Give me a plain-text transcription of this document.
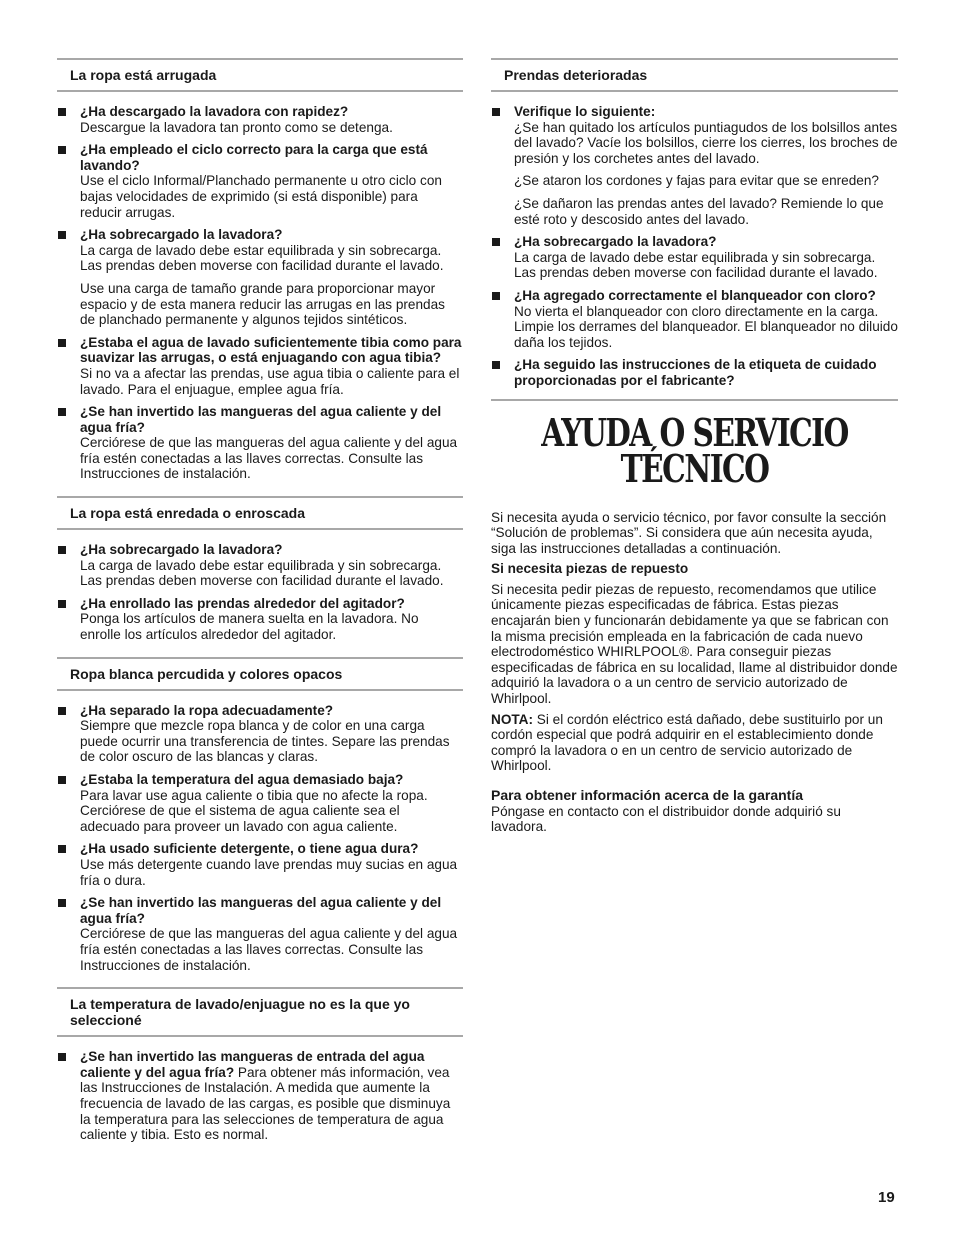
La ropa está arrugada
¿Ha descargado la lavadora con rapidez?
Descargue la lavadora tan pronto como se detenga.
¿Ha empleado el ciclo correcto para la carga que está lavando?
Use el ciclo Informal/Planchado permanente u otro ciclo con bajas velocidades de exprimido (si está disponible) para reducir arrugas.
¿Ha sobrecargado la lavadora?
La carga de lavado debe estar equilibrada y sin sobrecarga. Las prendas deben moverse con facilidad durante el lavado.
Use una carga de tamaño grande para proporcionar mayor espacio y de esta manera reducir las arrugas en las prendas de planchado permanente y algunos tejidos sintéticos.
¿Estaba el agua de lavado suficientemente tibia como para suavizar las arrugas, o está enjuagando con agua tibia?
Si no va a afectar las prendas, use agua tibia o caliente para el lavado. Para el enjuague, emplee agua fría.
¿Se han invertido las mangueras del agua caliente y del agua fría?
Cerciórese de que las mangueras del agua caliente y del agua fría estén conectadas a las llaves correctas. Consulte las Instrucciones de instalación.
La ropa está enredada o enroscada
¿Ha sobrecargado la lavadora?
La carga de lavado debe estar equilibrada y sin sobrecarga. Las prendas deben moverse con facilidad durante el lavado.
¿Ha enrollado las prendas alrededor del agitador?
Ponga los artículos de manera suelta en la lavadora. No enrolle los artículos alrededor del agitador.
Ropa blanca percudida y colores opacos
¿Ha separado la ropa adecuadamente?
Siempre que mezcle ropa blanca y de color en una carga puede ocurrir una transferencia de tintes. Separe las prendas de color oscuro de las blancas y claras.
¿Estaba la temperatura del agua demasiado baja?
Para lavar use agua caliente o tibia que no afecte la ropa. Cerciórese de que el sistema de agua caliente sea el adecuado para proveer un lavado con agua caliente.
¿Ha usado suficiente detergente, o tiene agua dura?
Use más detergente cuando lave prendas muy sucias en agua fría o dura.
¿Se han invertido las mangueras del agua caliente y del agua fría?
Cerciórese de que las mangueras del agua caliente y del agua fría estén conectadas a las llaves correctas. Consulte las Instrucciones de instalación.
La temperatura de lavado/enjuague no es la que yo seleccioné
¿Se han invertido las mangueras de entrada del agua caliente y del agua fría? Para obtener más información, vea las Instrucciones de Instalación. A medida que aumente la frecuencia de lavado de las cargas, es posible que disminuya la temperatura para las selecciones de temperatura de agua caliente y tibia. Esto es normal.
Prendas deterioradas
Verifique lo siguiente:
¿Se han quitado los artículos puntiagudos de los bolsillos antes del lavado? Vacíe los bolsillos, cierre los cierres, los broches de presión y los corchetes antes del lavado.
¿Se ataron los cordones y fajas para evitar que se enreden?
¿Se dañaron las prendas antes del lavado? Remiende lo que esté roto y descosido antes del lavado.
¿Ha sobrecargado la lavadora?
La carga de lavado debe estar equilibrada y sin sobrecarga. Las prendas deben moverse con facilidad durante el lavado.
¿Ha agregado correctamente el blanqueador con cloro?
No vierta el blanqueador con cloro directamente en la carga. Limpie los derrames del blanqueador. El blanqueador no diluido daña los tejidos.
¿Ha seguido las instrucciones de la etiqueta de cuidado proporcionadas por el fabricante?
AYUDA O SERVICIO
TÉCNICO
Si necesita ayuda o servicio técnico, por favor consulte la sección “Solución de problemas”. Si considera que aún necesita ayuda, siga las instrucciones detalladas a continuación.
Si necesita piezas de repuesto
Si necesita pedir piezas de repuesto, recomendamos que utilice únicamente piezas especificadas de fábrica. Estas piezas encajarán bien y funcionarán debidamente ya que se fabrican con la misma precisión empleada en la fabricación de cada nuevo electrodoméstico WHIRLPOOL®. Para conseguir piezas especificadas de fábrica en su localidad, llame al distribuidor donde adquirió la lavadora o a un centro de servicio autorizado de Whirlpool.
NOTA: Si el cordón eléctrico está dañado, debe sustituirlo por un cordón especial que podrá adquirir en el establecimiento donde compró la lavadora o en un centro de servicio autorizado de Whirlpool.
Para obtener información acerca de la garantía
Póngase en contacto con el distribuidor donde adquirió su lavadora.
19
